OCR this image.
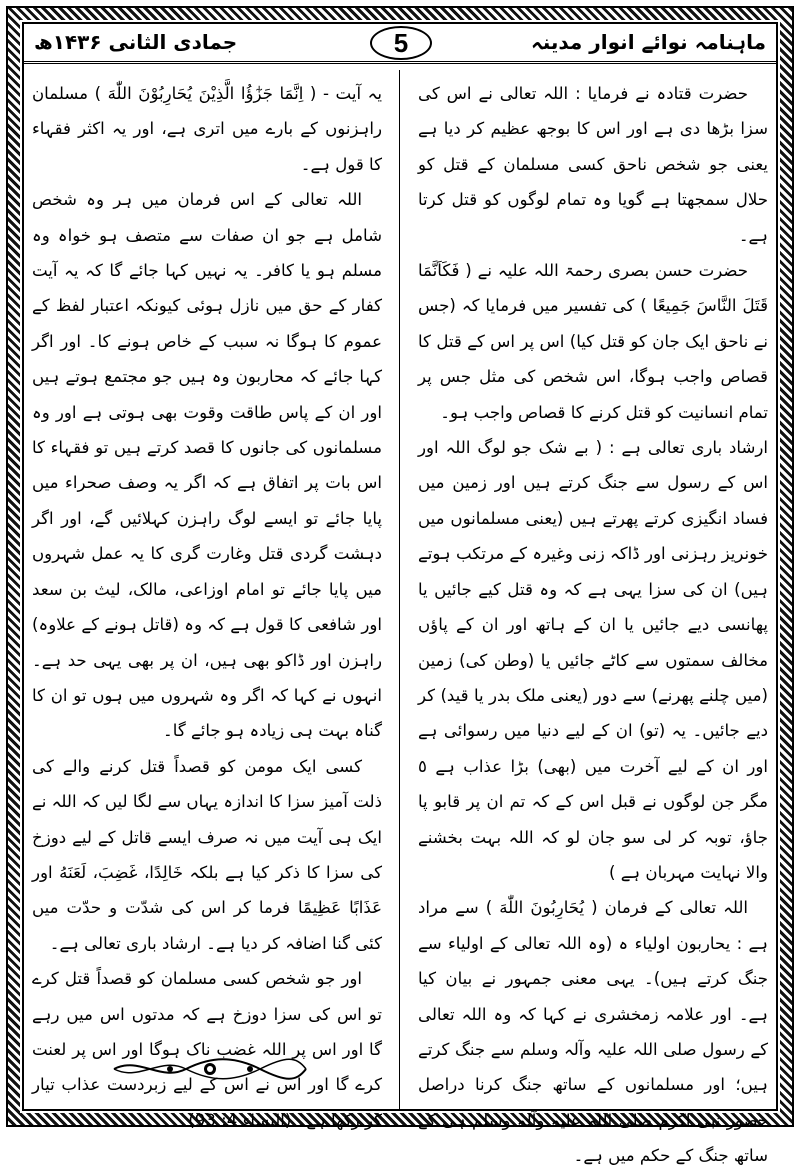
جمادی الثانی ۱۴۳۶ھ	5	ماہنامہ نوائے انوار مدینہ

حضرت قتادہ نے فرمایا : اللہ تعالی نے اس کی سزا بڑھا دی ہے اور اس کا بوجھ عظیم کر دیا ہے یعنی جو شخص ناحق کسی مسلمان کے قتل کو حلال سمجھتا ہے گویا وہ تمام لوگوں کو قتل کرتا ہے۔

حضرت حسن بصری رحمۃ اللہ علیہ نے ( فَكَاَنَّمَا قَتَلَ النَّاسَ جَمِيعًا ) کی تفسیر میں فرمایا کہ (جس نے ناحق ایک جان کو قتل کیا) اس پر اس کے قتل کا قصاص واجب ہوگا، اس شخص کی مثل جس پر تمام انسانیت کو قتل کرنے کا قصاص واجب ہو۔

ارشاد باری تعالی ہے : ( بے شک جو لوگ اللہ اور اس کے رسول سے جنگ کرتے ہیں اور زمین میں فساد انگیزی کرتے پھرتے ہیں (یعنی مسلمانوں میں خونریز رہزنی اور ڈاکہ زنی وغیرہ کے مرتکب ہوتے ہیں) ان کی سزا یہی ہے کہ وہ قتل کیے جائیں یا پھانسی دیے جائیں یا ان کے ہاتھ اور ان کے پاؤں مخالف سمتوں سے کاٹے جائیں یا (وطن کی) زمین (میں چلنے پھرنے) سے دور (یعنی ملک بدر یا قید) کر دیے جائیں۔ یہ (تو) ان کے لیے دنیا میں رسوائی ہے اور ان کے لیے آخرت میں (بھی) بڑا عذاب ہے ٥ مگر جن لوگوں نے قبل اس کے کہ تم ان پر قابو پا جاؤ، توبہ کر لی سو جان لو کہ اللہ بہت بخشنے والا نہایت مہربان ہے )

اللہ تعالی کے فرمان ( يُحَارِبُونَ اللّٰهَ ) سے مراد ہے : یحاربون اولیاء ہ (وہ اللہ تعالی کے اولیاء سے جنگ کرتے ہیں)۔ یہی معنی جمہور نے بیان کیا ہے۔ اور علامہ زمخشری نے کہا کہ وہ اللہ تعالی کے رسول صلی اللہ علیہ وآلہ وسلم سے جنگ کرتے ہیں؛ اور مسلمانوں کے ساتھ جنگ کرنا دراصل حضور نبی اکرم صلی اللہ علیہ وآلہ وسلم ہی کے ساتھ جنگ کے حکم میں ہے۔

یہ آیت - ( اِنَّمَا جَزٰٓؤُا الَّذِيْنَ يُحَارِبُوْنَ اللّٰهَ ) مسلمان راہزنوں کے بارے میں اتری ہے، اور یہ اکثر فقہاء کا قول ہے۔

اللہ تعالی کے اس فرمان میں ہر وہ شخص شامل ہے جو ان صفات سے متصف ہو خواہ وہ مسلم ہو یا کافر۔ یہ نہیں کہا جائے گا کہ یہ آیت کفار کے حق میں نازل ہوئی کیونکہ اعتبار لفظ کے عموم کا ہوگا نہ سبب کے خاص ہونے کا۔ اور اگر کہا جائے کہ محاربون وہ ہیں جو مجتمع ہوتے ہیں اور ان کے پاس طاقت وقوت بھی ہوتی ہے اور وہ مسلمانوں کی جانوں کا قصد کرتے ہیں تو فقہاء کا اس بات پر اتفاق ہے کہ اگر یہ وصف صحراء میں پایا جائے تو ایسے لوگ راہزن کہلائیں گے، اور اگر دہشت گردی قتل وغارت گری کا یہ عمل شہروں میں پایا جائے تو امام اوزاعی، مالک، لیث بن سعد اور شافعی کا قول ہے کہ وہ (قاتل ہونے کے علاوہ) راہزن اور ڈاکو بھی ہیں، ان پر بھی یہی حد ہے۔ انہوں نے کہا کہ اگر وہ شہروں میں ہوں تو ان کا گناہ بہت ہی زیادہ ہو جائے گا۔

کسی ایک مومن کو قصداً قتل کرنے والے کی ذلت آمیز سزا کا اندازہ یہاں سے لگا لیں کہ اللہ نے ایک ہی آیت میں نہ صرف ایسے قاتل کے لیے دوزخ کی سزا کا ذکر کیا ہے بلکہ خَالِدًا، غَضِبَ، لَعَنَهُ اور عَذَابًا عَظِيمًا فرما کر اس کی شدّت و حدّت میں کئی گنا اضافہ کر دیا ہے۔ ارشاد باری تعالی ہے۔

اور جو شخص کسی مسلمان کو قصداً قتل کرے تو اس کی سزا دوزخ ہے کہ مدتوں اس میں رہے گا اور اس پر اللہ غضب ناک ہوگا اور اس پر لعنت کرے گا اور اس نے اس کے لیے زبردست عذاب تیار کر رکھا ہے۔ (النساء 4: 93)
